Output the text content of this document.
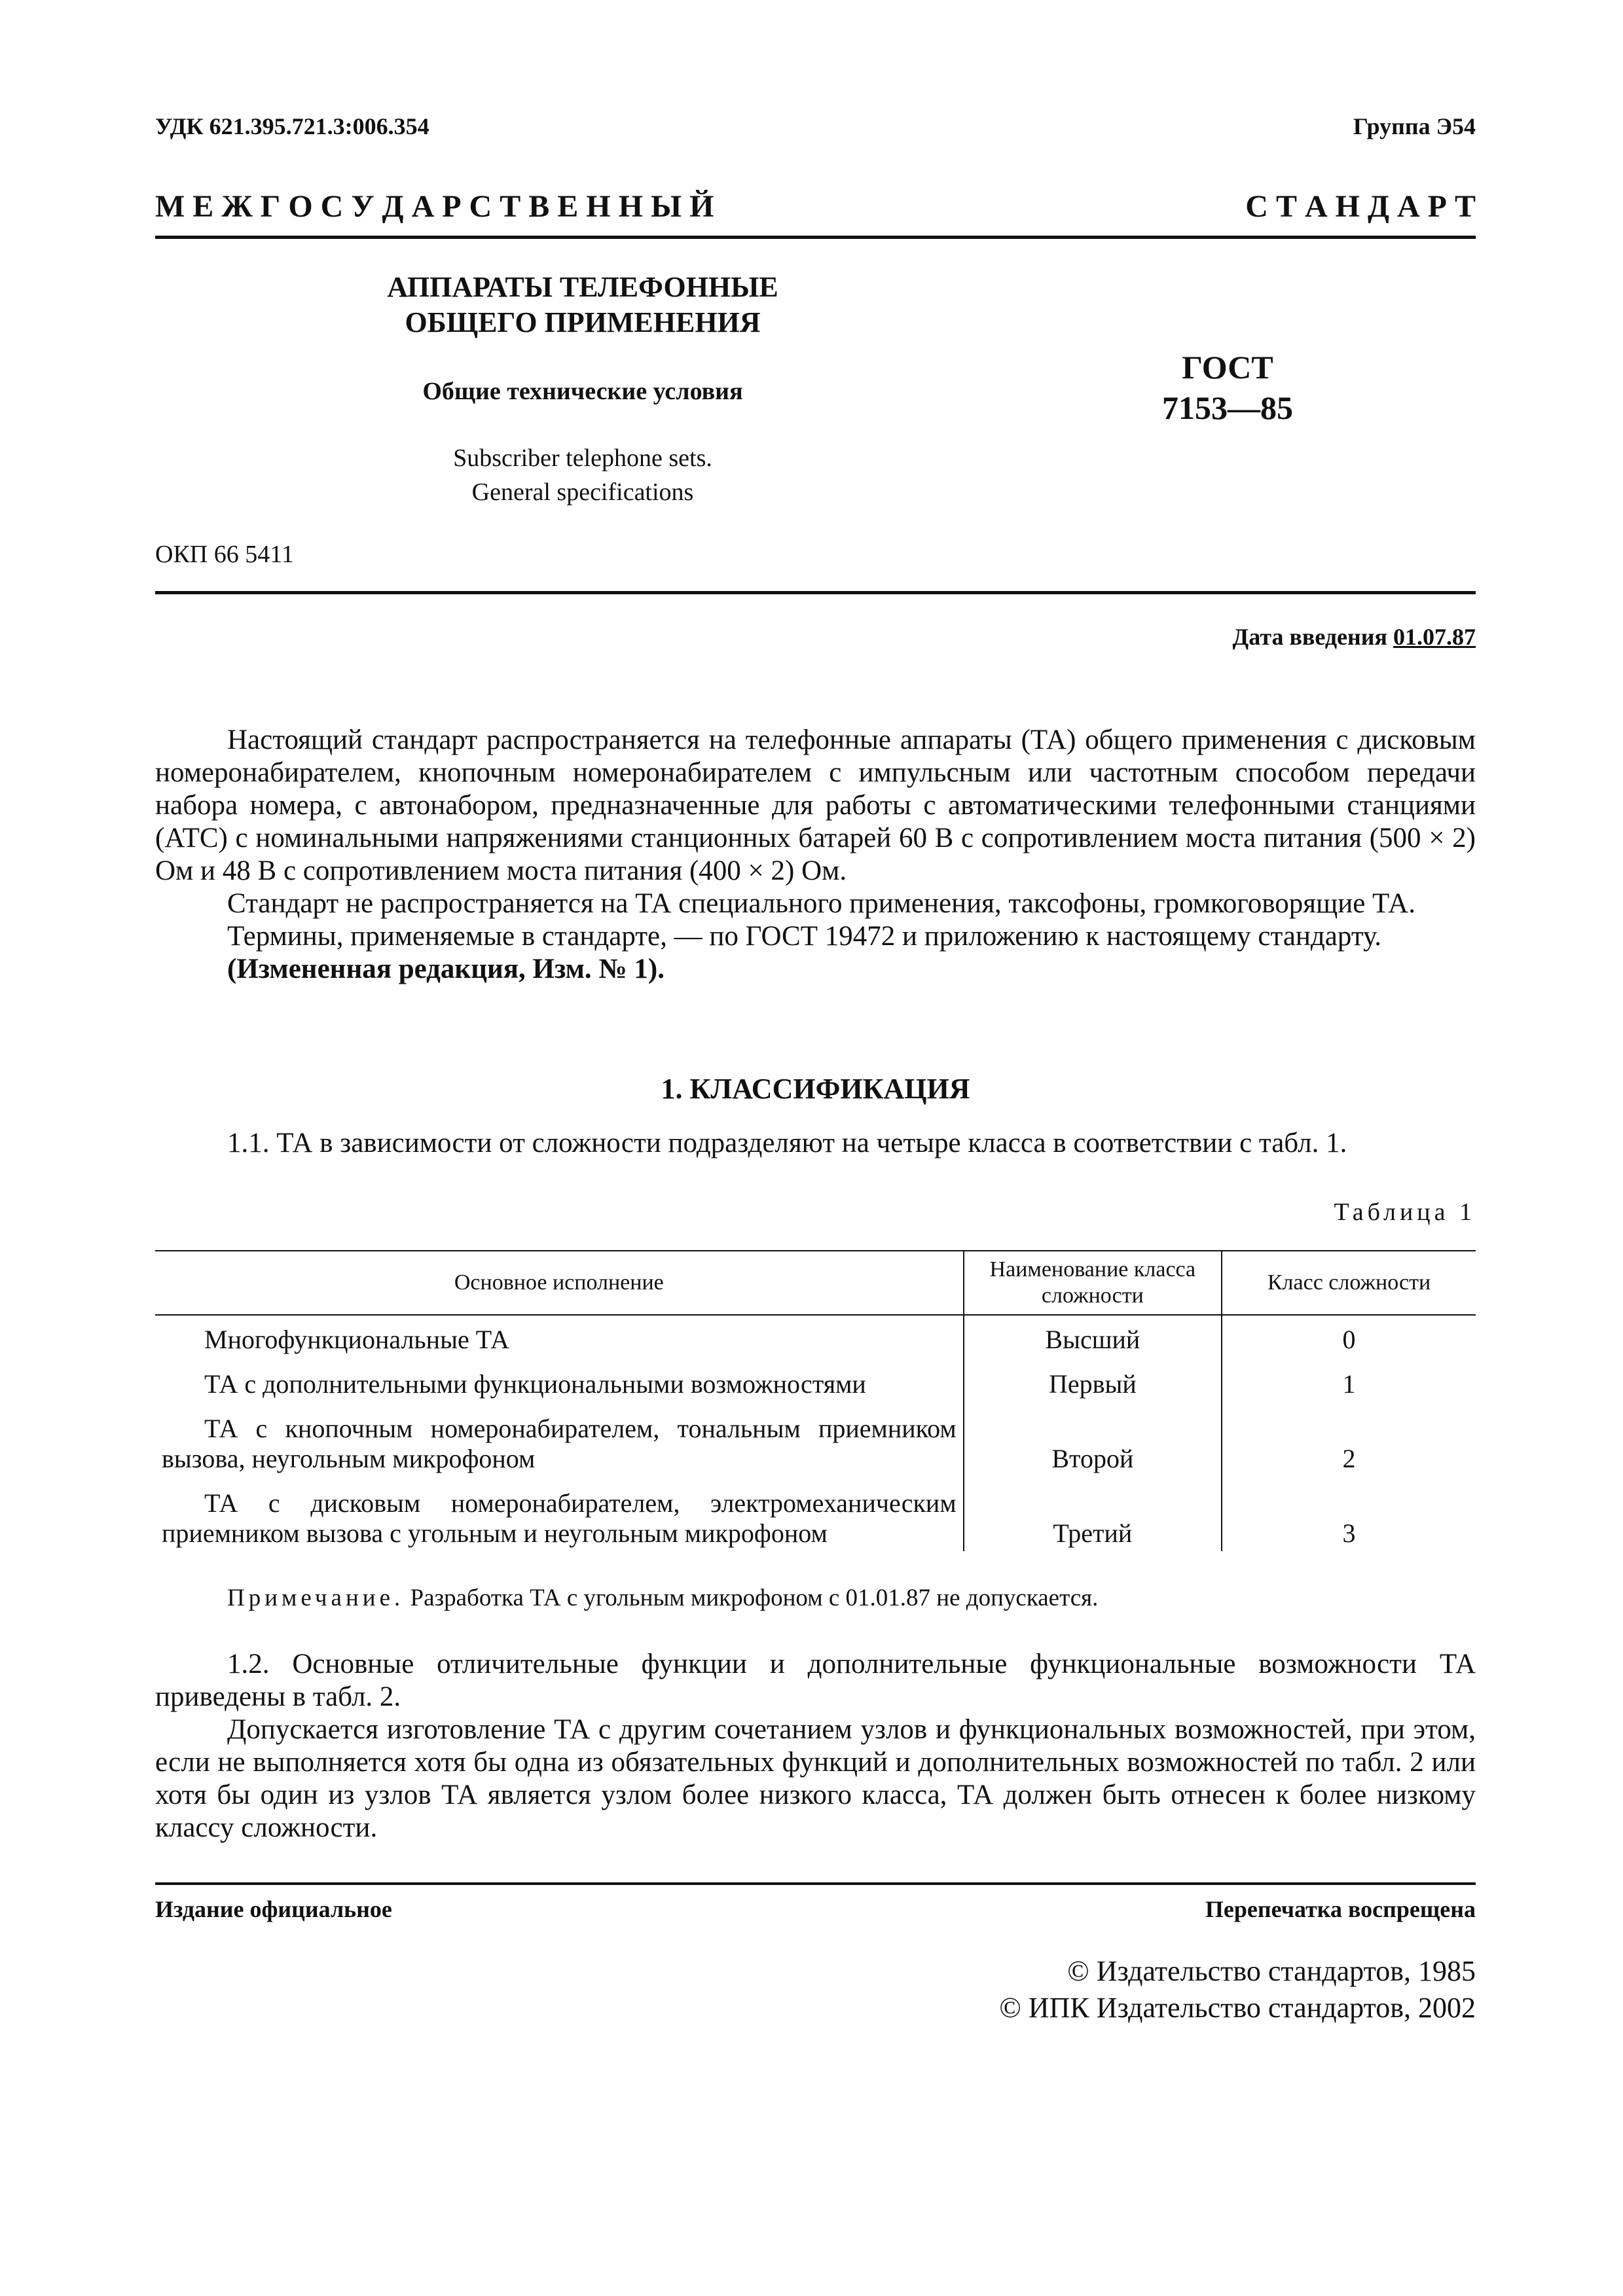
УДК 621.395.721.3:006.354	Группа Э54
М Е Ж Г О С У Д А Р С Т В Е Н Н Ы Й	С Т А Н Д А Р Т
АППАРАТЫ ТЕЛЕФОННЫЕ
ОБЩЕГО ПРИМЕНЕНИЯ
Общие технические условия
Subscriber telephone sets.
General specifications
ГОСТ
7153—85
ОКП 66 5411
Дата введения 01.07.87

Настоящий стандарт распространяется на телефонные аппараты (ТА) общего применения с дисковым номеронабирателем, кнопочным номеронабирателем с импульсным или частотным способом передачи набора номера, с автонабором, предназначенные для работы с автоматическими телефонными станциями (АТС) с номинальными напряжениями станционных батарей 60 В с сопротивлением моста питания (500 × 2) Ом и 48 В с сопротивлением моста питания (400 × 2) Ом.

Стандарт не распространяется на ТА специального применения, таксофоны, громкоговорящие ТА.

Термины, применяемые в стандарте, — по ГОСТ 19472 и приложению к настоящему стандарту.

(Измененная редакция, Изм. № 1).

1. КЛАССИФИКАЦИЯ

1.1. ТА в зависимости от сложности подразделяют на четыре класса в соответствии с табл. 1.

Таблица 1
Основное исполнение	Наименование класса сложности	Класс сложности
Многофункциональные ТА	Высший	0
ТА с дополнительными функциональными возможностями	Первый	1
ТА с кнопочным номеронабирателем, тональным приемником вызова, неугольным микрофоном	Второй	2
ТА с дисковым номеронабирателем, электромеханическим приемником вызова с угольным и неугольным микрофоном	Третий	3
Примечание. Разработка ТА с угольным микрофоном с 01.01.87 не допускается.

1.2. Основные отличительные функции и дополнительные функциональные возможности ТА приведены в табл. 2.

Допускается изготовление ТА с другим сочетанием узлов и функциональных возможностей, при этом, если не выполняется хотя бы одна из обязательных функций и дополнительных возможностей по табл. 2 или хотя бы один из узлов ТА является узлом более низкого класса, ТА должен быть отнесен к более низкому классу сложности.

Издание официальное	Перепечатка воспрещена
© Издательство стандартов, 1985
© ИПК Издательство стандартов, 2002
